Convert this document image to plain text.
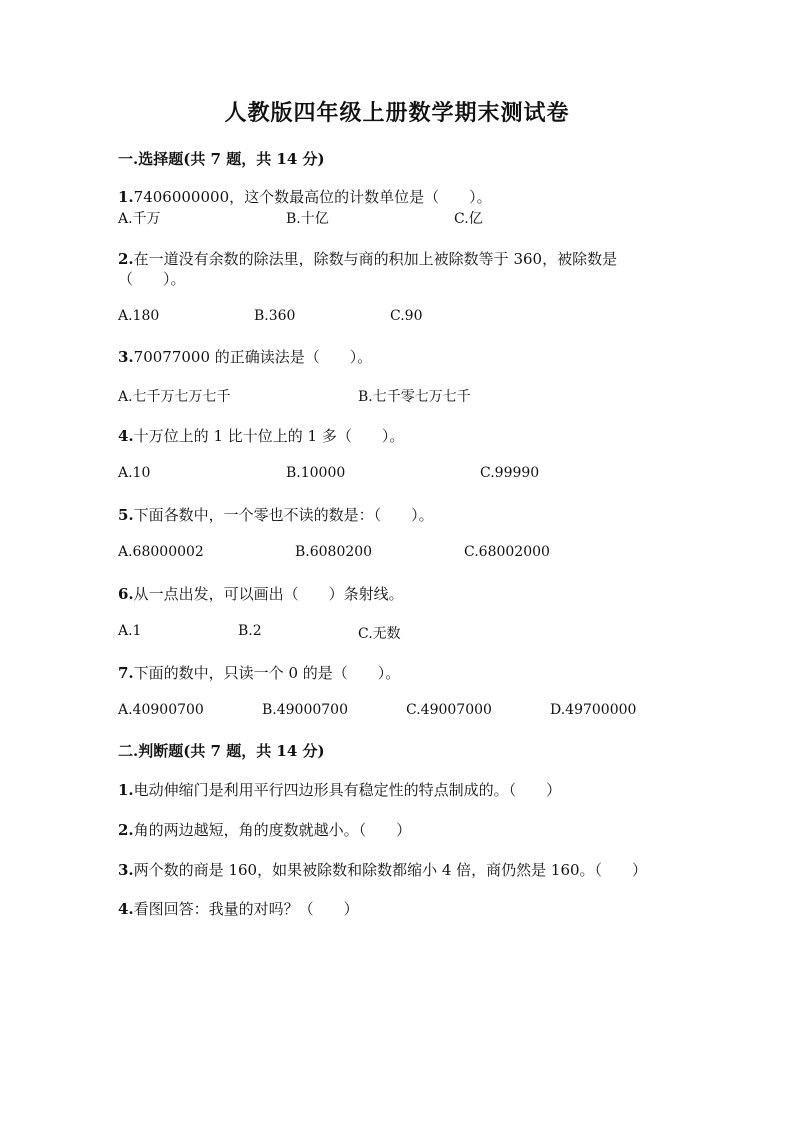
人教版四年级上册数学期末测试卷
一.选择题(共 7 题，共 14 分)
1.7406000000，这个数最高位的计数单位是（　　）。
A.千万	B.十亿	C.亿
2.在一道没有余数的除法里，除数与商的积加上被除数等于 360，被除数是
（　　）。
A.180	B.360	C.90
3.70077000 的正确读法是（　　）。
A.七千万七万七千	B.七千零七万七千
4.十万位上的 1 比十位上的 1 多（　　）。
A.10	B.10000	C.99990
5.下面各数中，一个零也不读的数是：（　　）。
A.68000002	B.6080200	C.68002000
6.从一点出发，可以画出（　　）条射线。
A.1	B.2	C.无数
7.下面的数中，只读一个 0 的是（　　）。
A.40900700	B.49000700	C.49007000	D.49700000
二.判断题(共 7 题，共 14 分)
1.电动伸缩门是利用平行四边形具有稳定性的特点制成的。（　　）
2.角的两边越短，角的度数就越小。（　　）
3.两个数的商是 160，如果被除数和除数都缩小 4 倍，商仍然是 160。（　　）
4.看图回答：我量的对吗？（　　）
